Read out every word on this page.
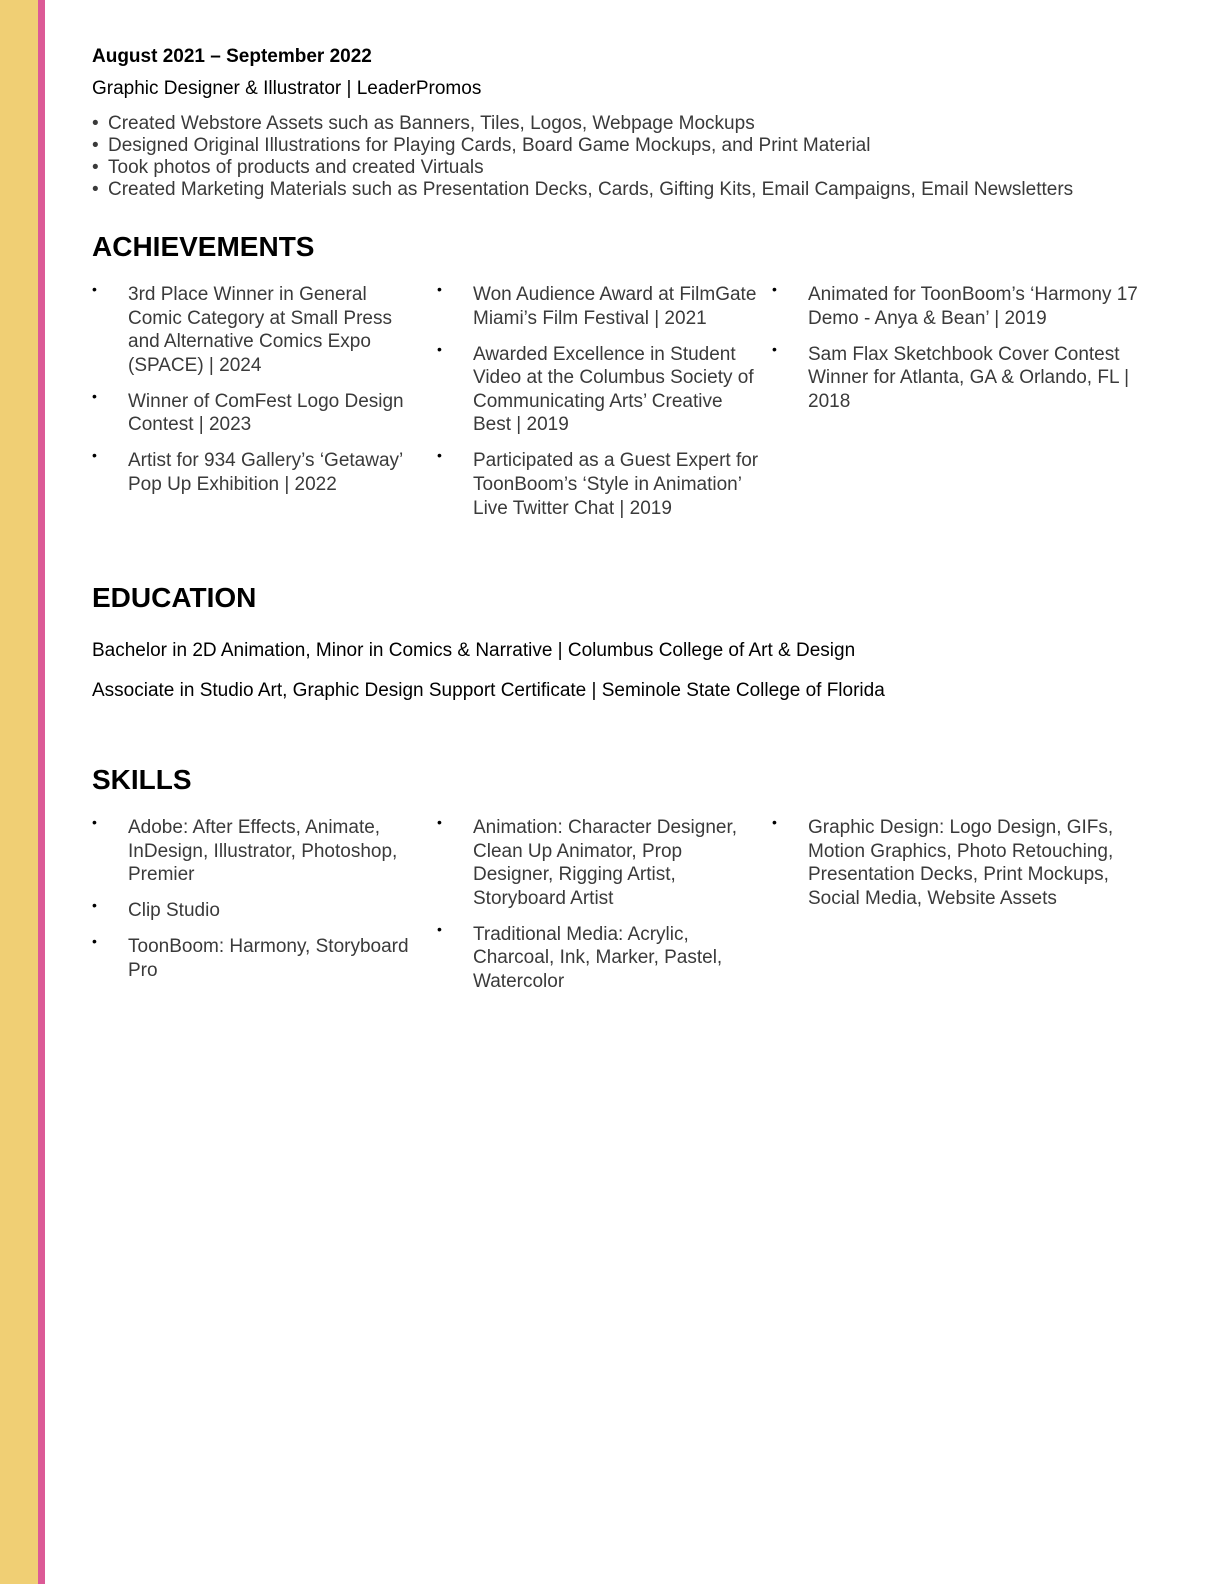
August 2021 – September 2022
Graphic Designer & Illustrator | LeaderPromos
• Created Webstore Assets such as Banners, Tiles, Logos, Webpage Mockups
• Designed Original Illustrations for Playing Cards, Board Game Mockups, and Print Material
• Took photos of products and created Virtuals
• Created Marketing Materials such as Presentation Decks, Cards, Gifting Kits, Email Campaigns, Email Newsletters
ACHIEVEMENTS
• 3rd Place Winner in General Comic Category at Small Press and Alternative Comics Expo (SPACE) | 2024
• Winner of ComFest Logo Design Contest | 2023
• Artist for 934 Gallery’s ‘Getaway’ Pop Up Exhibition | 2022
• Won Audience Award at FilmGate Miami’s Film Festival | 2021
• Awarded Excellence in Student Video at the Columbus Society of Communicating Arts’ Creative Best | 2019
• Participated as a Guest Expert for ToonBoom’s ‘Style in Animation’ Live Twitter Chat | 2019
• Animated for ToonBoom’s ‘Harmony 17 Demo - Anya & Bean’ | 2019
• Sam Flax Sketchbook Cover Contest Winner for Atlanta, GA & Orlando, FL | 2018
EDUCATION
Bachelor in 2D Animation, Minor in Comics & Narrative | Columbus College of Art & Design
Associate in Studio Art, Graphic Design Support Certificate | Seminole State College of Florida
SKILLS
• Adobe: After Effects, Animate, InDesign, Illustrator, Photoshop, Premier
• Clip Studio
• ToonBoom: Harmony, Storyboard Pro
• Animation: Character Designer, Clean Up Animator, Prop Designer, Rigging Artist, Storyboard Artist
• Traditional Media: Acrylic, Charcoal, Ink, Marker, Pastel, Watercolor
• Graphic Design: Logo Design, GIFs, Motion Graphics, Photo Retouching, Presentation Decks, Print Mockups, Social Media, Website Assets
